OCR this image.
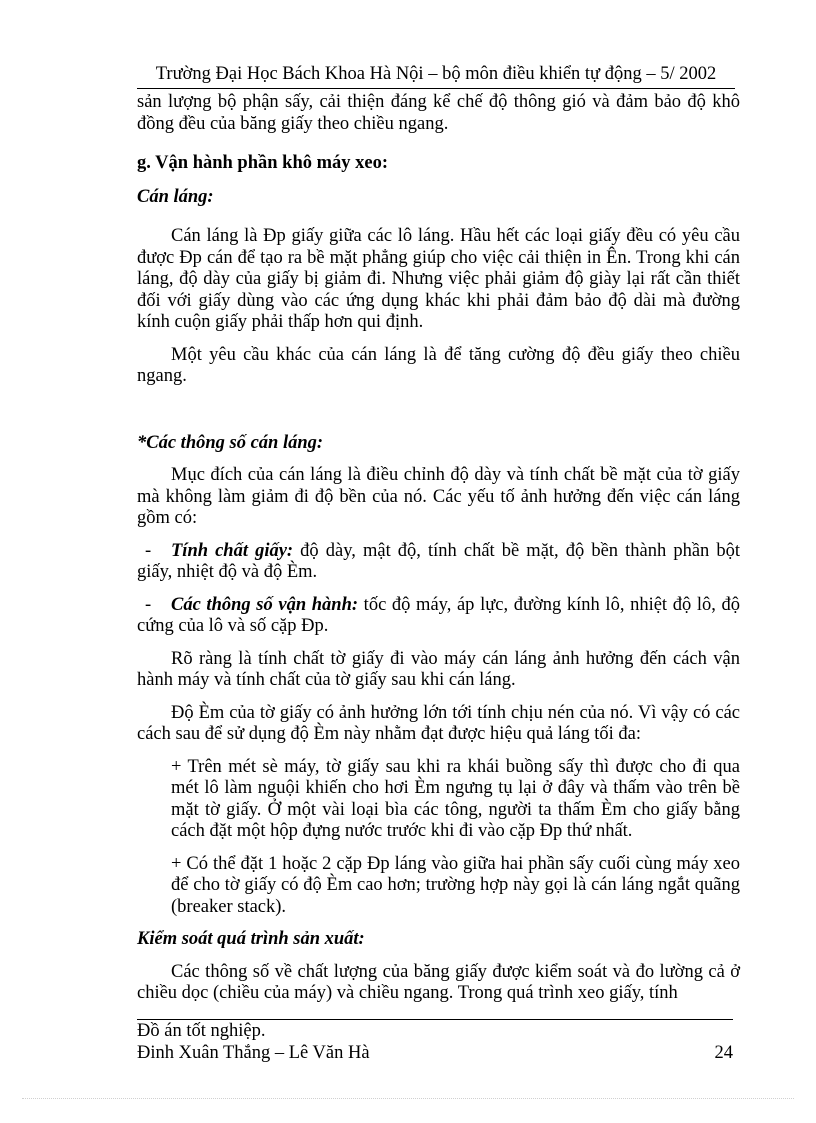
Trường Đại Học Bách Khoa Hà Nội – bộ môn điều khiển tự động – 5/ 2002

sản lượng bộ phận sấy, cải thiện đáng kể chế độ thông gió và đảm bảo độ khô đồng đều của băng giấy theo chiều ngang.

g. Vận hành phần khô máy xeo:

Cán láng:

Cán láng là Ðp giấy giữa các lô láng. Hầu hết các loại giấy đều có yêu cầu được Ðp cán để tạo ra bề mặt phẳng giúp cho việc cải thiện in Ên. Trong khi cán láng, độ dày của giấy bị giảm đi. Nhưng việc phải giảm độ giày lại rất cần thiết đối với giấy dùng vào các ứng dụng khác khi phải đảm bảo độ dài mà đường kính cuộn giấy phải thấp hơn qui định.

Một yêu cầu khác của cán láng là để tăng cường độ đều giấy theo chiều ngang.

*Các thông số cán láng:

Mục đích của cán láng là điều chỉnh độ dày và tính chất bề mặt của tờ giấy mà không làm giảm đi độ bền của nó. Các yếu tố ảnh hưởng đến việc cán láng gồm có:

- Tính chất giấy: độ dày, mật độ, tính chất bề mặt, độ bền thành phần bột giấy, nhiệt độ và độ Èm.
- Các thông số vận hành: tốc độ máy, áp lực, đường kính lô, nhiệt độ lô, độ cứng của lô và số cặp Ðp.

Rõ ràng là tính chất tờ giấy đi vào máy cán láng ảnh hưởng đến cách vận hành máy và tính chất của tờ giấy sau khi cán láng.

Độ Èm của tờ giấy có ảnh hưởng lớn tới tính chịu nén của nó. Vì vậy có các cách sau để sử dụng độ Èm này nhằm đạt được hiệu quả láng tối đa:

+ Trên mét sè máy, tờ giấy sau khi ra khái buồng sấy thì được cho đi qua mét lô làm nguội khiến cho hơi Èm ngưng tụ lại ở đây và thấm vào trên bề mặt tờ giấy. Ở một vài loại bìa các tông, người ta thấm Èm cho giấy bằng cách đặt một hộp đựng nước trước khi đi vào cặp Ðp thứ nhất.

+ Có thể đặt 1 hoặc 2 cặp Ðp láng vào giữa hai phần sấy cuối cùng máy xeo để cho tờ giấy có độ Èm cao hơn; trường hợp này gọi là cán láng ngắt quãng (breaker stack).

Kiểm soát quá trình sản xuất:

Các thông số về chất lượng của băng giấy được kiểm soát và đo lường cả ở chiều dọc (chiều của máy) và chiều ngang. Trong quá trình xeo giấy, tính

Đồ án tốt nghiệp.
Đinh Xuân Thắng – Lê Văn Hà	24
